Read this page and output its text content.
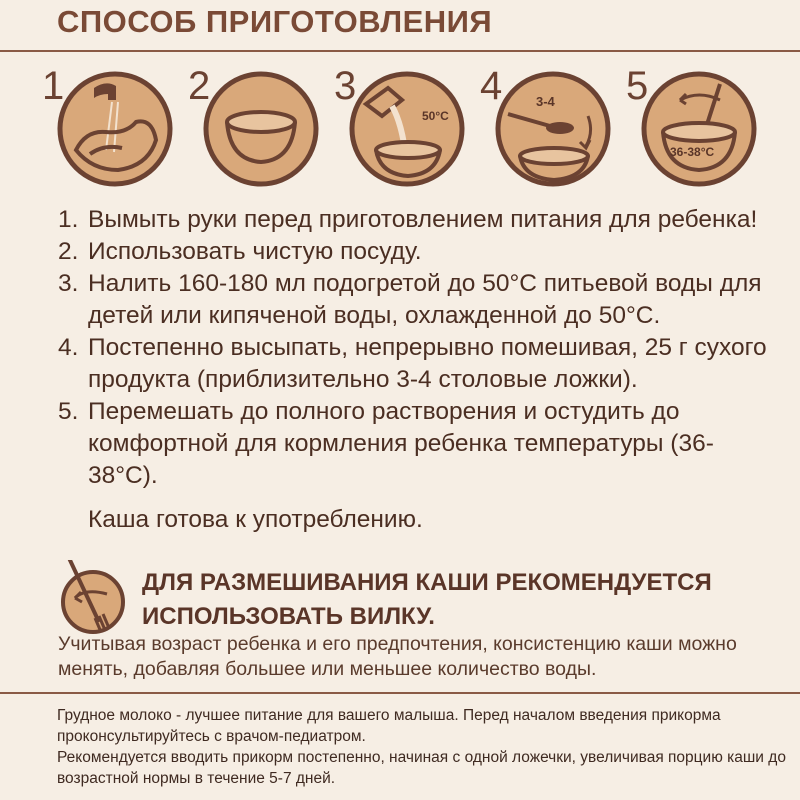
СПОСОБ ПРИГОТОВЛЕНИЯ
1	2	3
50°C
4	3-4 5
36-38°C
1. Вымыть руки перед приготовлением питания для ребенка!
2. Использовать чистую посуду.
3. Налить 160-180 мл подогретой до 50°С питьевой воды для детей или кипяченой воды, охлажденной до 50°С.
4. Постепенно высыпать, непрерывно помешивая, 25 г сухого продукта (приблизительно 3-4 столовые ложки).
5. Перемешать до полного растворения и остудить до комфортной для кормления ребенка температуры (36-38°С).
Каша готова к употреблению.
ДЛЯ РАЗМЕШИВАНИЯ КАШИ РЕКОМЕНДУЕТСЯ
ИСПОЛЬЗОВАТЬ ВИЛКУ.
Учитывая возраст ребенка и его предпочтения, консистенцию каши можно менять, добавляя большее или меньшее количество воды.
Грудное молоко - лучшее питание для вашего малыша. Перед началом введения прикорма проконсультируйтесь с врачом-педиатром.
Рекомендуется вводить прикорм постепенно, начиная с одной ложечки, увеличивая порцию каши до возрастной нормы в течение 5-7 дней.
